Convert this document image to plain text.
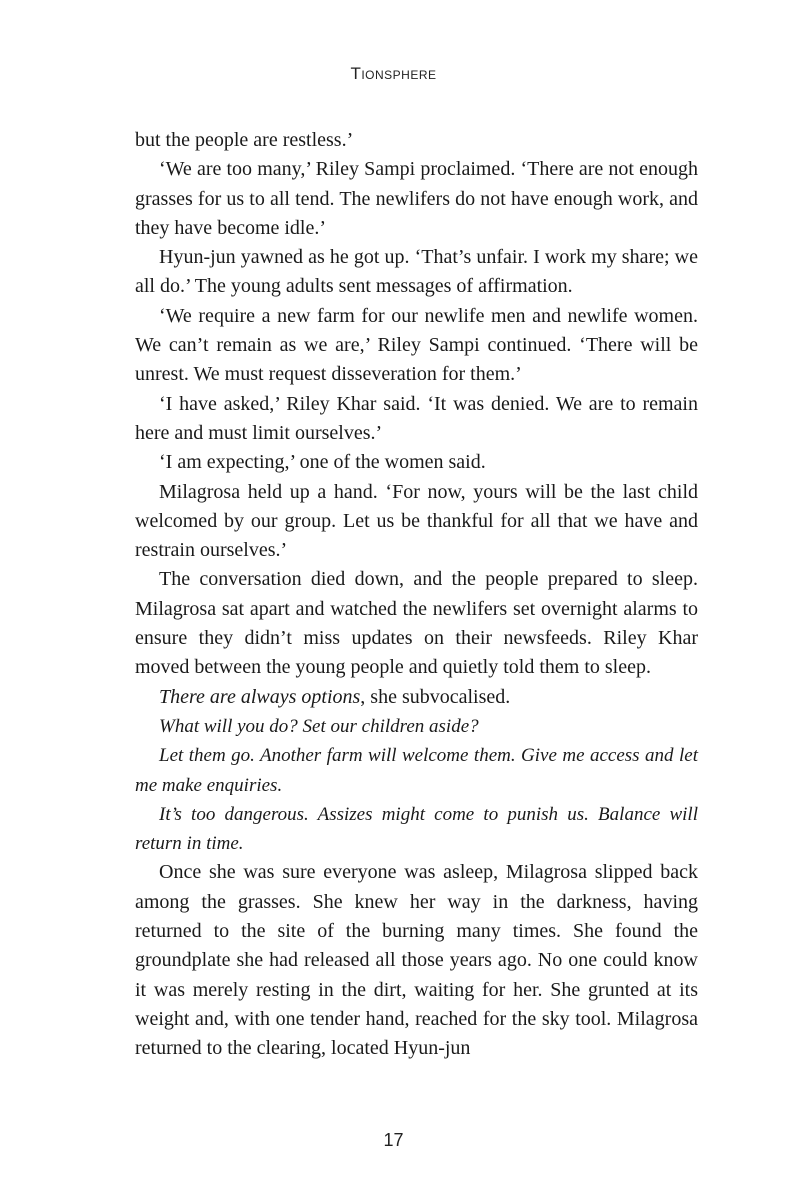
Tionsphere

but the people are restless.’

‘We are too many,’ Riley Sampi proclaimed. ‘There are not enough grasses for us to all tend. The newlifers do not have enough work, and they have become idle.’

Hyun-jun yawned as he got up. ‘That’s unfair. I work my share; we all do.’ The young adults sent messages of affirmation.

‘We require a new farm for our newlife men and newlife women. We can’t remain as we are,’ Riley Sampi continued. ‘There will be unrest. We must request disseveration for them.’

‘I have asked,’ Riley Khar said. ‘It was denied. We are to remain here and must limit ourselves.’

‘I am expecting,’ one of the women said.

Milagrosa held up a hand. ‘For now, yours will be the last child welcomed by our group. Let us be thankful for all that we have and restrain ourselves.’

The conversation died down, and the people prepared to sleep. Milagrosa sat apart and watched the newlifers set overnight alarms to ensure they didn’t miss updates on their newsfeeds. Riley Khar moved between the young people and quietly told them to sleep.

There are always options, she subvocalised.

What will you do? Set our children aside?

Let them go. Another farm will welcome them. Give me access and let me make enquiries.

It’s too dangerous. Assizes might come to punish us. Balance will return in time.

Once she was sure everyone was asleep, Milagrosa slipped back among the grasses. She knew her way in the darkness, having returned to the site of the burning many times. She found the groundplate she had released all those years ago. No one could know it was merely resting in the dirt, waiting for her. She grunted at its weight and, with one tender hand, reached for the sky tool. Milagrosa returned to the clearing, located Hyun-jun

17
